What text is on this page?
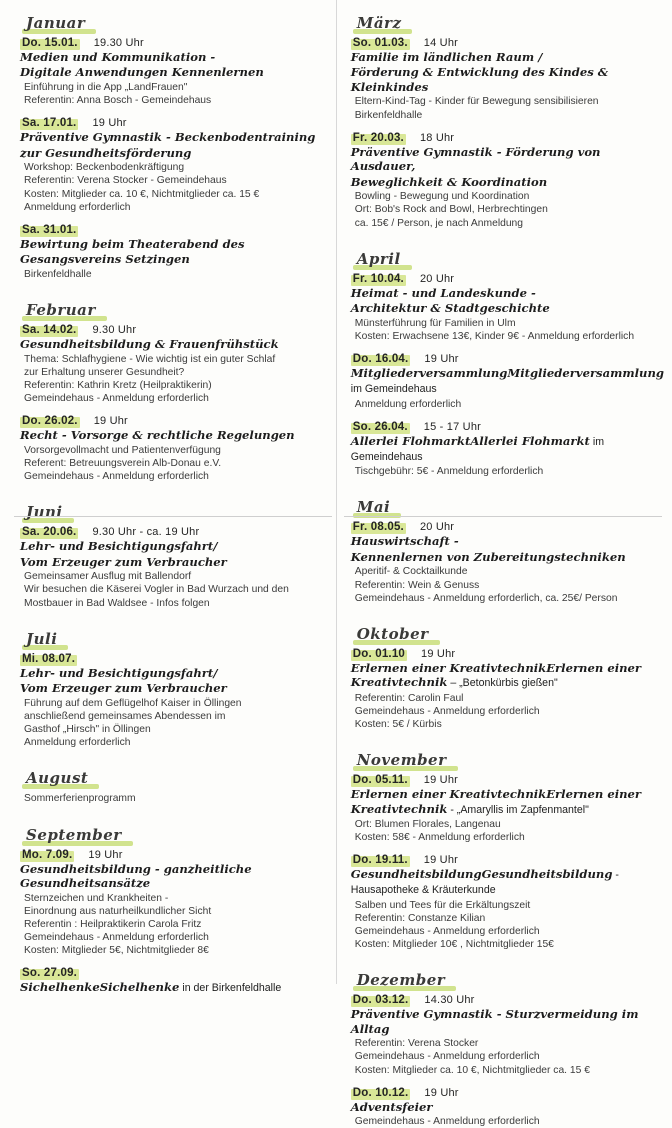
Januar
Do. 15.01. 19.30 Uhr
Medien und Kommunikation -
Digitale Anwendungen Kennenlernen
Einführung in die App „LandFrauen"
Referentin: Anna Bosch - Gemeindehaus
Sa. 17.01. 19 Uhr
Präventive Gymnastik - Beckenbodentraining
zur Gesundheitsförderung
Workshop: Beckenbodenkräftigung
Referentin: Verena Stocker - Gemeindehaus
Kosten: Mitglieder ca. 10 €, Nichtmitglieder ca. 15 €
Anmeldung erforderlich
Sa. 31.01.
Bewirtung beim Theaterabend des
Gesangsvereins Setzingen
Birkenfeldhalle
Februar
Sa. 14.02. 9.30 Uhr
Gesundheitsbildung & Frauenfrühstück
Thema: Schlafhygiene - Wie wichtig ist ein guter Schlaf
zur Erhaltung unserer Gesundheit?
Referentin: Kathrin Kretz (Heilpraktikerin)
Gemeindehaus - Anmeldung erforderlich
Do. 26.02. 19 Uhr
Recht - Vorsorge & rechtliche Regelungen
Vorsorgevollmacht und Patientenverfügung
Referent: Betreuungsverein Alb-Donau e.V.
Gemeindehaus - Anmeldung erforderlich
Juni
Sa. 20.06. 9.30 Uhr - ca. 19 Uhr
Lehr- und Besichtigungsfahrt/
Vom Erzeuger zum Verbraucher
Gemeinsamer Ausflug mit Ballendorf
Wir besuchen die Käserei Vogler in Bad Wurzach und den
Mostbauer in Bad Waldsee - Infos folgen
Juli
Mi. 08.07.
Lehr- und Besichtigungsfahrt/
Vom Erzeuger zum Verbraucher
Führung auf dem Geflügelhof Kaiser in Öllingen
anschließend gemeinsames Abendessen im
Gasthof „Hirsch" in Öllingen
Anmeldung erforderlich
August
Sommerferienprogramm
September
Mo. 7.09. 19 Uhr
Gesundheitsbildung - ganzheitliche Gesundheitsansätze
Sternzeichen und Krankheiten -
Einordnung aus naturheilkundlicher Sicht
Referentin : Heilpraktikerin Carola Fritz
Gemeindehaus - Anmeldung erforderlich
Kosten: Mitglieder 5€, Nichtmitglieder 8€
So. 27.09.
SichelhenkeSichelhenke in der Birkenfeldhalle
März
So. 01.03. 14 Uhr
Familie im ländlichen Raum /
Förderung & Entwicklung des Kindes & Kleinkindes
Eltern-Kind-Tag - Kinder für Bewegung sensibilisieren
Birkenfeldhalle
Fr. 20.03. 18 Uhr
Präventive Gymnastik - Förderung von Ausdauer,
Beweglichkeit & Koordination
Bowling - Bewegung und Koordination
Ort: Bob's Rock and Bowl, Herbrechtingen
ca. 15€ / Person, je nach Anmeldung
April
Fr. 10.04. 20 Uhr
Heimat - und Landeskunde -
Architektur & Stadtgeschichte
Münsterführung für Familien in Ulm
Kosten: Erwachsene 13€, Kinder 9€ - Anmeldung erforderlich
Do. 16.04. 19 Uhr
MitgliederversammlungMitgliederversammlung im Gemeindehaus
Anmeldung erforderlich
So. 26.04. 15 - 17 Uhr
Allerlei FlohmarktAllerlei Flohmarkt im Gemeindehaus
Tischgebühr: 5€ - Anmeldung erforderlich
Mai
Fr. 08.05. 20 Uhr
Hauswirtschaft -
Kennenlernen von Zubereitungstechniken
Aperitif- & Cocktailkunde
Referentin: Wein & Genuss
Gemeindehaus - Anmeldung erforderlich, ca. 25€/ Person
Oktober
Do. 01.10 19 Uhr
Erlernen einer KreativtechnikErlernen einer Kreativtechnik – „Betonkürbis gießen"
Referentin: Carolin Faul
Gemeindehaus - Anmeldung erforderlich
Kosten: 5€ / Kürbis
November
Do. 05.11. 19 Uhr
Erlernen einer KreativtechnikErlernen einer Kreativtechnik - „Amaryllis im Zapfenmantel"
Ort: Blumen Florales, Langenau
Kosten: 58€ - Anmeldung erforderlich
Do. 19.11. 19 Uhr
GesundheitsbildungGesundheitsbildung - Hausapotheke & Kräuterkunde
Salben und Tees für die Erkältungszeit
Referentin: Constanze Kilian
Gemeindehaus - Anmeldung erforderlich
Kosten: Mitglieder 10€ , Nichtmitglieder 15€
Dezember
Do. 03.12. 14.30 Uhr
Präventive Gymnastik - Sturzvermeidung im Alltag
Referentin: Verena Stocker
Gemeindehaus - Anmeldung erforderlich
Kosten: Mitglieder ca. 10 €, Nichtmitglieder ca. 15 €
Do. 10.12. 19 Uhr
Adventsfeier
Gemeindehaus - Anmeldung erforderlich
